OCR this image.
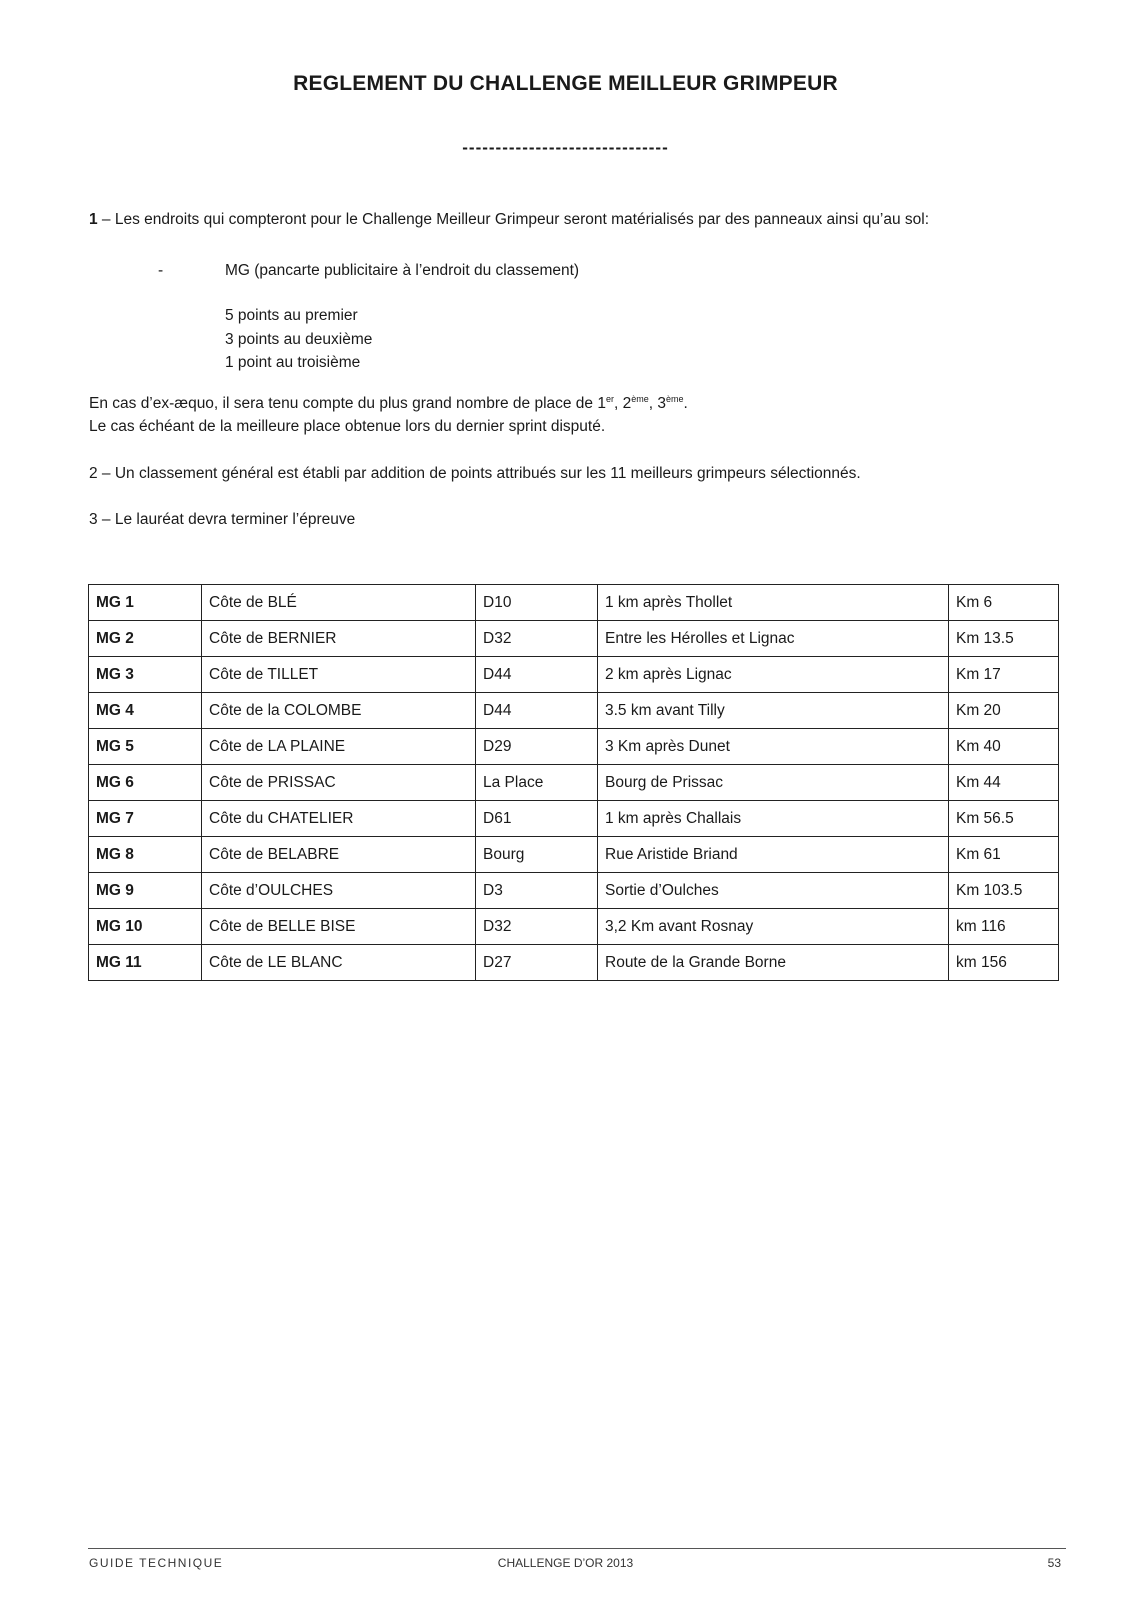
REGLEMENT DU CHALLENGE MEILLEUR GRIMPEUR
-------------------------------
1 – Les endroits qui compteront pour le Challenge Meilleur Grimpeur seront matérialisés par des panneaux ainsi qu’au sol:
-	MG (pancarte publicitaire à l’endroit du classement)
5 points au premier
3 points au deuxième
1 point au troisième
En cas d’ex-æquo, il sera tenu compte du plus grand nombre de place de 1er, 2ème, 3ème.
Le cas échéant de la meilleure place obtenue lors du dernier sprint disputé.
2 – Un classement général est établi par addition de points attribués sur les 11 meilleurs grimpeurs sélectionnés.
3 – Le lauréat devra terminer l’épreuve
MG 1	Côte de BLÉ	D10	1 km après Thollet	Km 6
MG 2	Côte de BERNIER	D32	Entre les Hérolles et Lignac	Km 13.5
MG 3	Côte de TILLET	D44	2 km après Lignac	Km 17
MG 4	Côte de la COLOMBE	D44	3.5 km avant Tilly	Km 20
MG 5	Côte de LA PLAINE	D29	3 Km après Dunet	Km 40
MG 6	Côte de PRISSAC	La Place	Bourg de Prissac	Km 44
MG 7	Côte du CHATELIER	D61	1 km après Challais	Km 56.5
MG 8	Côte de BELABRE	Bourg	Rue Aristide Briand	Km 61
MG 9	Côte d’OULCHES	D3	Sortie d’Oulches	Km 103.5
MG 10	Côte de BELLE BISE	D32	3,2 Km avant Rosnay	km 116
MG 11	Côte de LE BLANC	D27	Route de la Grande Borne	km 156
GUIDE TECHNIQUE	CHALLENGE D’OR 2013	53
